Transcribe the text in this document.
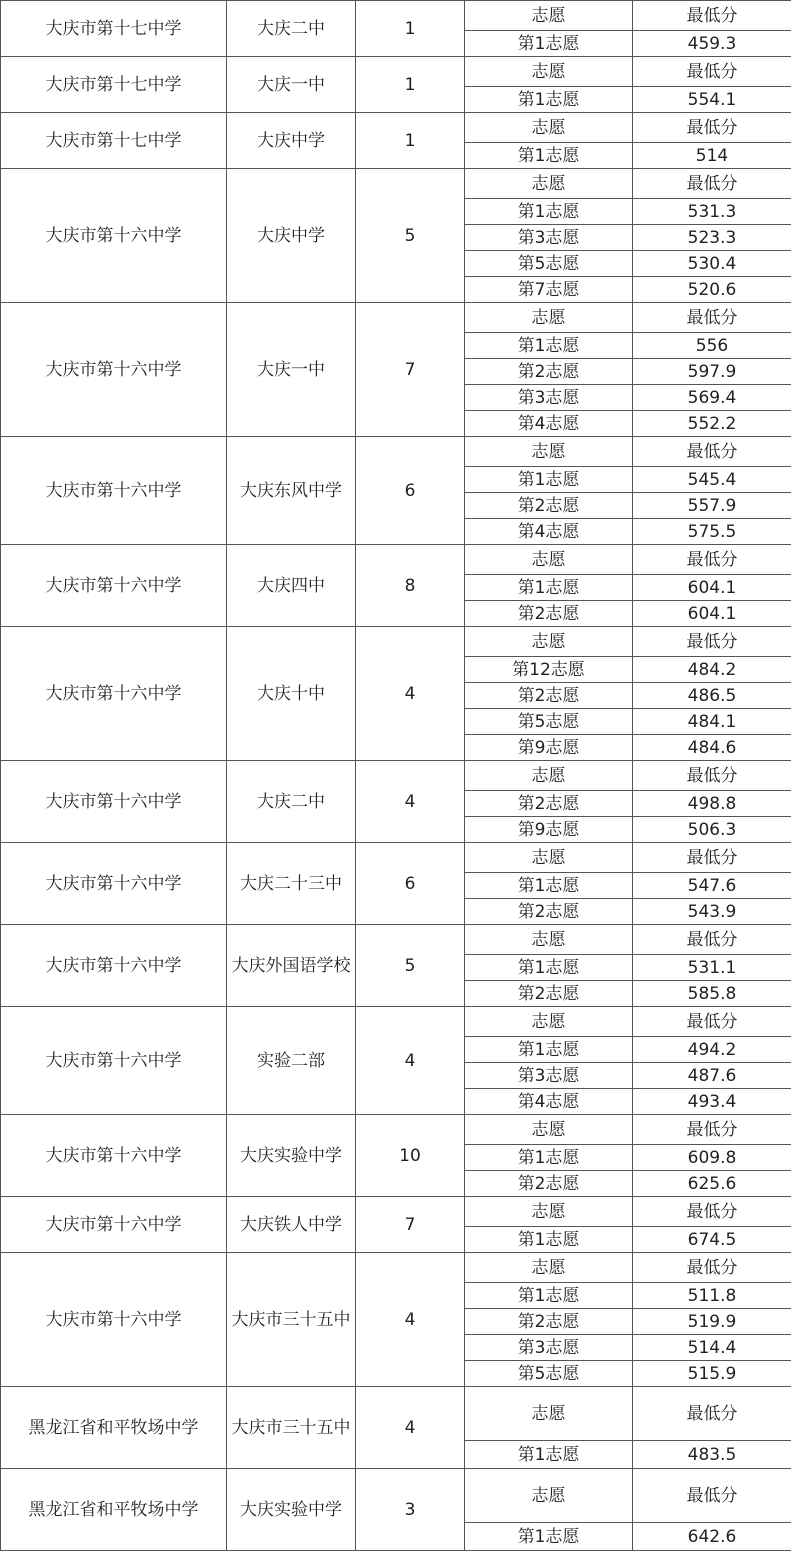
大庆市第十七中学	大庆二中	1	志愿	最低分
			第1志愿	459.3
大庆市第十七中学	大庆一中	1	志愿	最低分
			第1志愿	554.1
大庆市第十七中学	大庆中学	1	志愿	最低分
			第1志愿	514
大庆市第十六中学	大庆中学	5	志愿	最低分
			第1志愿	531.3
			第3志愿	523.3
			第5志愿	530.4
			第7志愿	520.6
大庆市第十六中学	大庆一中	7	志愿	最低分
			第1志愿	556
			第2志愿	597.9
			第3志愿	569.4
			第4志愿	552.2
大庆市第十六中学	大庆东风中学	6	志愿	最低分
			第1志愿	545.4
			第2志愿	557.9
			第4志愿	575.5
大庆市第十六中学	大庆四中	8	志愿	最低分
			第1志愿	604.1
			第2志愿	604.1
大庆市第十六中学	大庆十中	4	志愿	最低分
			第12志愿	484.2
			第2志愿	486.5
			第5志愿	484.1
			第9志愿	484.6
大庆市第十六中学	大庆二中	4	志愿	最低分
			第2志愿	498.8
			第9志愿	506.3
大庆市第十六中学	大庆二十三中	6	志愿	最低分
			第1志愿	547.6
			第2志愿	543.9
大庆市第十六中学	大庆外国语学校	5	志愿	最低分
			第1志愿	531.1
			第2志愿	585.8
大庆市第十六中学	实验二部	4	志愿	最低分
			第1志愿	494.2
			第3志愿	487.6
			第4志愿	493.4
大庆市第十六中学	大庆实验中学	10	志愿	最低分
			第1志愿	609.8
			第2志愿	625.6
大庆市第十六中学	大庆铁人中学	7	志愿	最低分
			第1志愿	674.5
大庆市第十六中学	大庆市三十五中	4	志愿	最低分
			第1志愿	511.8
			第2志愿	519.9
			第3志愿	514.4
			第5志愿	515.9
黑龙江省和平牧场中学	大庆市三十五中	4	志愿	最低分
			第1志愿	483.5
黑龙江省和平牧场中学	大庆实验中学	3	志愿	最低分
			第1志愿	642.6
